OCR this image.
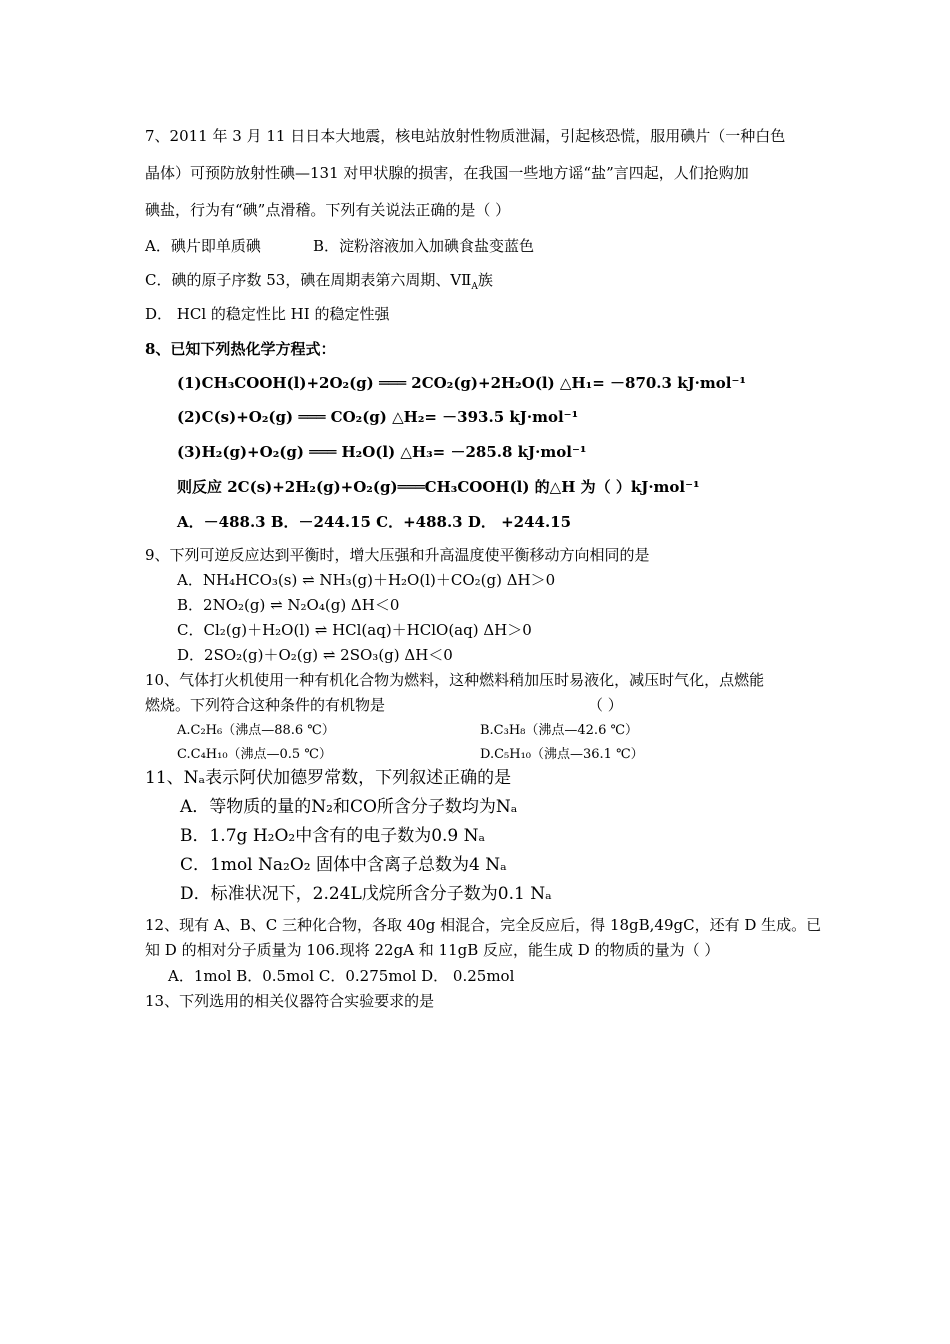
7、2011 年 3 月 11 日日本大地震，核电站放射性物质泄漏，引起核恐慌，服用碘片（一种白色
晶体）可预防放射性碘—131 对甲状腺的损害，在我国一些地方谣“盐”言四起，人们抢购加
碘盐，行为有“碘”点滑稽。下列有关说法正确的是（ ）
A．碘片即单质碘	B．淀粉溶液加入加碘食盐变蓝色
C．碘的原子序数 53，碘在周期表第六周期、$VⅡ_A$族
D． HCl 的稳定性比 HI 的稳定性强
8、已知下列热化学方程式：
(1)CH₃COOH(l)+2O₂(g) ═══ 2CO₂(g)+2H₂O(l) △H₁= －870.3 kJ·mol⁻¹
(2)C(s)+O₂(g) ═══ CO₂(g) △H₂= －393.5 kJ·mol⁻¹
(3)H₂(g)+O₂(g) ═══ H₂O(l) △H₃= －285.8 kJ·mol⁻¹
则反应 2C(s)+2H₂(g)+O₂(g)═══CH₃COOH(l) 的△H 为（ ）kJ·mol⁻¹
A．－488.3 B．－244.15 C．+488.3 D． +244.15
9、下列可逆反应达到平衡时，增大压强和升高温度使平衡移动方向相同的是
A．NH₄HCO₃(s) ⇌ NH₃(g)＋H₂O(l)＋CO₂(g) ΔH＞0
B．2NO₂(g) ⇌ N₂O₄(g) ΔH＜0
C．Cl₂(g)＋H₂O(l) ⇌ HCl(aq)＋HClO(aq) ΔH＞0
D．2SO₂(g)＋O₂(g) ⇌ 2SO₃(g) ΔH＜0
10、气体打火机使用一种有机化合物为燃料，这种燃料稍加压时易液化，减压时气化，点燃能
燃烧。下列符合这种条件的有机物是	（ ）
A.C₂H₆（沸点—88.6 ℃）	B.C₃H₈（沸点—42.6 ℃）
C.C₄H₁₀（沸点—0.5 ℃）	D.C₅H₁₀（沸点—36.1 ℃）
11、Nₐ表示阿伏加德罗常数，下列叙述正确的是
A．等物质的量的N₂和CO所含分子数均为Nₐ
B．1.7g H₂O₂中含有的电子数为0.9 Nₐ
C．1mol Na₂O₂ 固体中含离子总数为4 Nₐ
D．标准状况下，2.24L戊烷所含分子数为0.1 Nₐ
12、现有 A、B、C 三种化合物，各取 40g 相混合，完全反应后，得 18gB,49gC，还有 D 生成。已
知 D 的相对分子质量为 106.现将 22gA 和 11gB 反应，能生成 D 的物质的量为（ ）
A．1mol B．0.5mol C．0.275mol D． 0.25mol
13、下列选用的相关仪器符合实验要求的是
